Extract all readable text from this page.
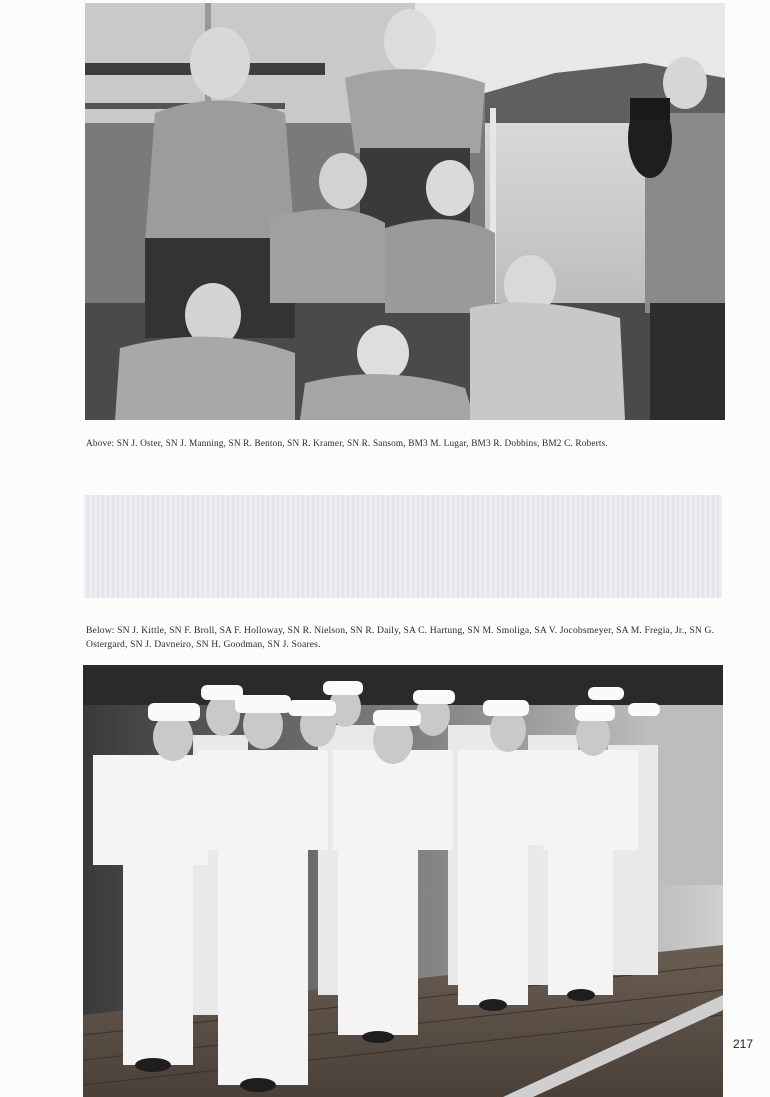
Above: SN J. Oster, SN J. Manning, SN R. Benton, SN R. Kramer, SN R. Sansom, BM3 M. Lugar, BM3 R. Dobbins, BM2 C. Roberts.

Below: SN J. Kittle, SN F. Broll, SA F. Holloway, SN R. Nielson, SN R. Daily, SA C. Hartung, SN M. Smoliga, SA V. Jocobsmeyer, SA M. Fregia, Jr., SN G. Ostergard, SN J. Davneiro, SN H. Goodman, SN J. Soares.

217
